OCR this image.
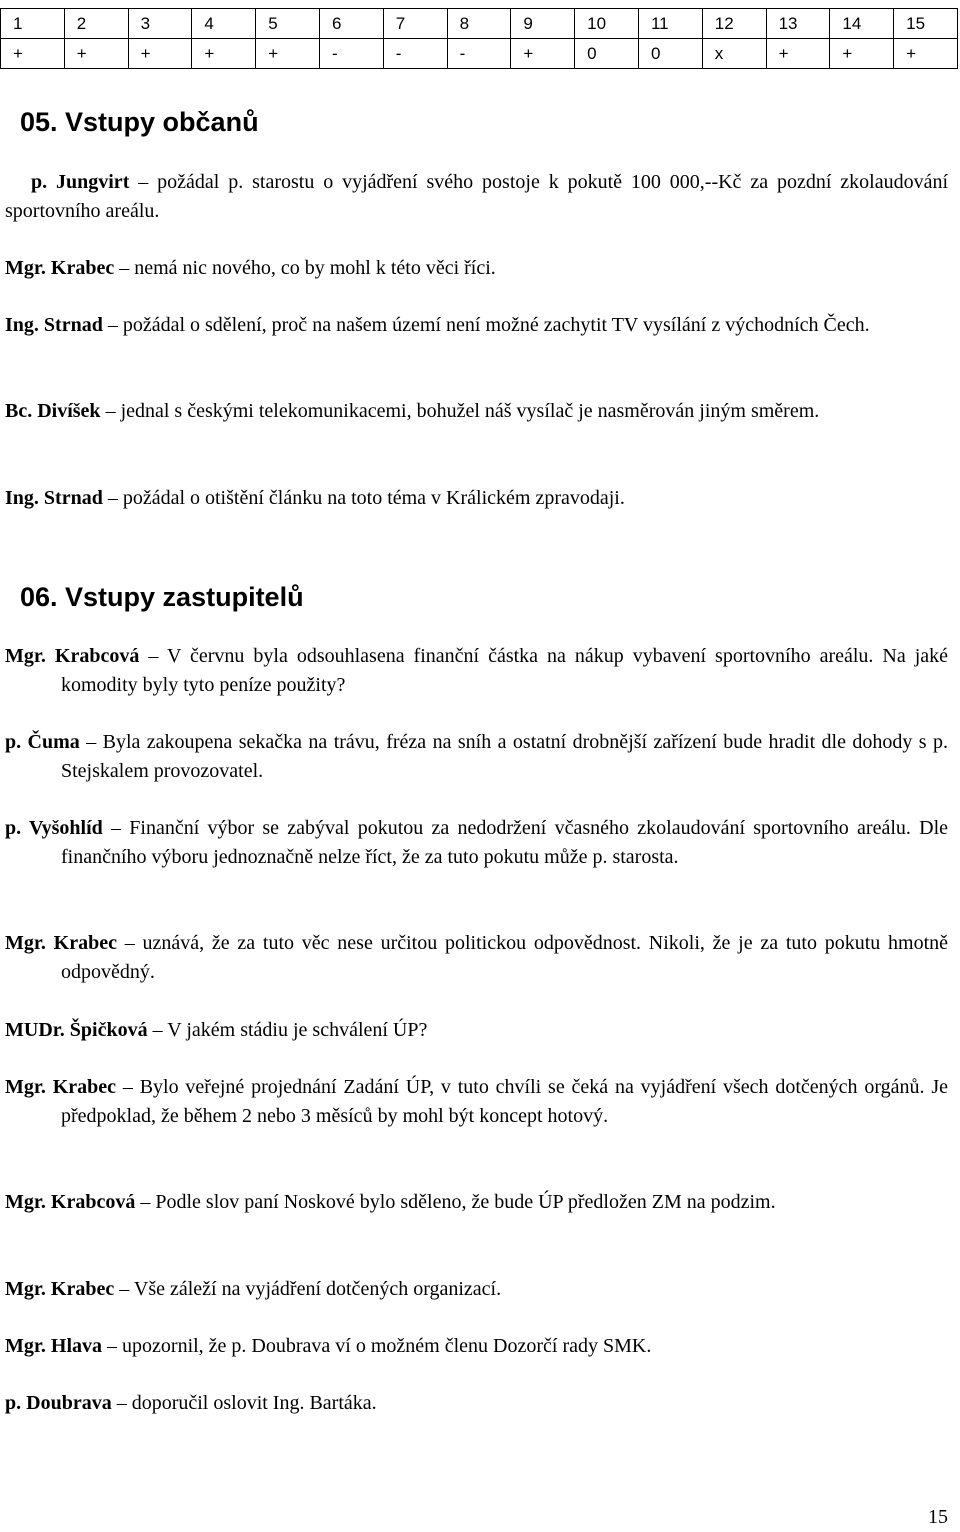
1	2	3	4	5	6	7	8	9	10	11	12	13	14	15
+	+	+	+	+	-	-	-	+	0	0	x	+	+	+
05. Vstupy občanů
p. Jungvirt – požádal p. starostu o vyjádření svého postoje k pokutě 100 000,--Kč za pozdní zkolaudování sportovního areálu.
Mgr. Krabec – nemá nic nového, co by mohl k této věci říci.
Ing. Strnad – požádal o sdělení, proč na našem území není možné zachytit TV vysílání z východních Čech.
Bc. Divíšek – jednal s českými telekomunikacemi, bohužel náš vysílač je nasměrován jiným směrem.
Ing. Strnad – požádal o otištění článku na toto téma v Králickém zpravodaji.
06. Vstupy zastupitelů
Mgr. Krabcová – V červnu byla odsouhlasena finanční částka na nákup vybavení sportovního areálu. Na jaké komodity byly tyto peníze použity?
p. Čuma – Byla zakoupena sekačka na trávu, fréza na sníh a ostatní drobnější zařízení bude hradit dle dohody s p. Stejskalem provozovatel.
p. Vyšohlíd – Finanční výbor se zabýval pokutou za nedodržení včasného zkolaudování sportovního areálu. Dle finančního výboru jednoznačně nelze říct, že za tuto pokutu může p. starosta.
Mgr. Krabec – uznává, že za tuto věc nese určitou politickou odpovědnost. Nikoli, že je za tuto pokutu hmotně odpovědný.
MUDr. Špičková – V jakém stádiu je schválení ÚP?
Mgr. Krabec – Bylo veřejné projednání Zadání ÚP, v tuto chvíli se čeká na vyjádření všech dotčených orgánů. Je předpoklad, že během 2 nebo 3 měsíců by mohl být koncept hotový.
Mgr. Krabcová – Podle slov paní Noskové bylo sděleno, že bude ÚP předložen ZM na podzim.
Mgr. Krabec – Vše záleží na vyjádření dotčených organizací.
Mgr. Hlava – upozornil, že p. Doubrava ví o možném členu Dozorčí rady SMK.
p. Doubrava – doporučil oslovit Ing. Bartáka.
15
